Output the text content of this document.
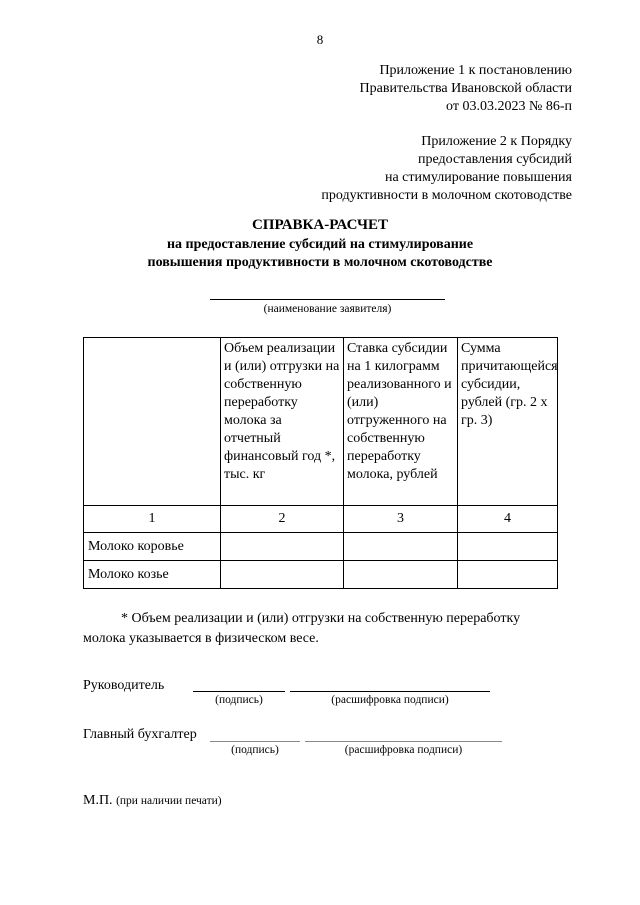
8
Приложение 1 к постановлению
Правительства Ивановской области
от 03.03.2023 № 86-п
Приложение 2 к Порядку
предоставления субсидий
на стимулирование повышения
продуктивности в молочном скотоводстве
СПРАВКА-РАСЧЕТ
на предоставление субсидий на стимулирование
повышения продуктивности в молочном скотоводстве
(наименование заявителя)
	Объем реализации и (или) отгрузки на собственную переработку молока за отчетный финансовый год *, тыс. кг	Ставка субсидии на 1 килограмм реализованного и (или) отгруженного на собственную переработку молока, рублей	Сумма причитающейся субсидии, рублей (гр. 2 х гр. 3)
1	2	3	4
Молоко коровье			
Молоко козье			
* Объем реализации и (или) отгрузки на собственную переработку
молока указывается в физическом весе.
Руководитель
(подпись)	(расшифровка подписи)
Главный бухгалтер
(подпись)	(расшифровка подписи)
М.П. (при наличии печати)
